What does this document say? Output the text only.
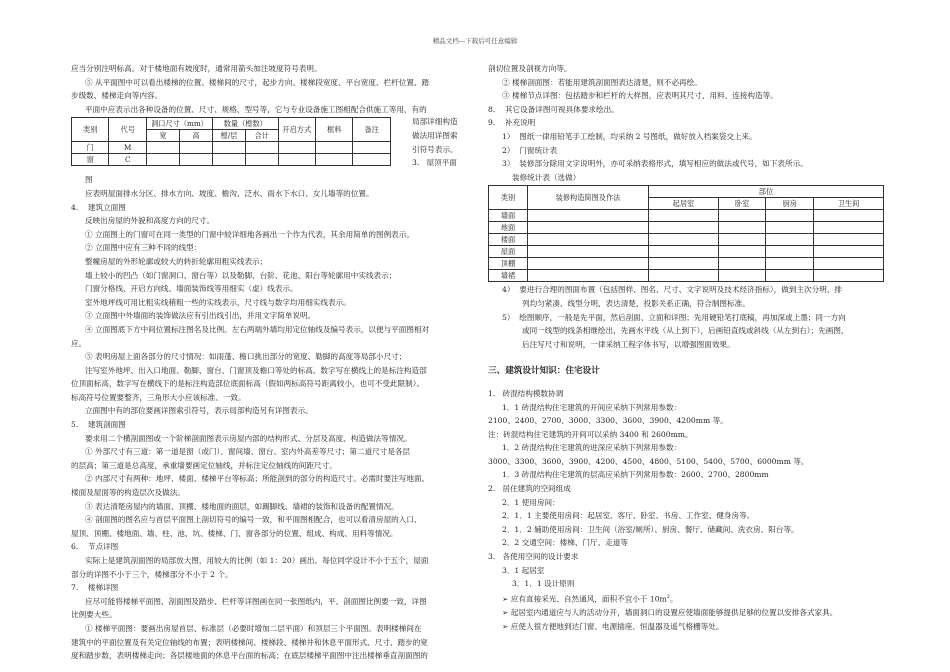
精品文档---下载后可任意编辑

应当分别注明标高。对于楼地面有坡度时，通常用箭头加注坡度符号表明。

⑤ 从平面图中可以看出楼梯的位置、楼梯间的尺寸，起步方向、楼梯段宽度、平台宽度、栏杆位置、踏

步级数、楼梯走向等内容。

平面中应表示出各种设备的位置、尺寸、规格、型号等，它与专业设备施工图相配合供施工等用，有的

类别	代号	洞口尺寸（mm）		数量（樘数）		开启方式	框料	备注
		宽	高	樘/层	合计			
门	M							
窗	C							

局部详细构造

做法用详图索

引符号表示。

3.   屋顶平面

图

应表明屋面排水分区、排水方向、坡度、檐沟、泛水、雨水下水口、女儿墙等的位置。

4.    建筑立面图

反映出房屋的外貌和高度方向的尺寸。

① 立面图上的门窗可在同一类型的门窗中较详细地各画出一个作为代表，其余用简单的图例表示。

② 立面图中应有三种不同的线型：

整幢房屋的外形轮廓或较大的转折轮廓用粗实线表示；

墙上较小的凹凸（如门窗洞口、窗台等）以及勒脚、台阶、花池、阳台等轮廓用中实线表示；

门窗分格线、开启方向线、墙面装饰线等用细实（虚）线表示。

室外地坪线可用比粗实线稍粗一些的实线表示，尺寸线与数字均用细实线表示。

③ 立面图中外墙面的装饰做法应有引出线引出，并用文字简单说明。

④ 立面图底下方中间位置标注图名及比例。左右两端外墙均用定位轴线及编号表示，以便与平面图相对

应。

⑤ 表明房屋上面各部分的尺寸情况：如雨蓬、檐口挑出部分的宽度、勒脚的高度等局部小尺寸；

注写室外地坪、出入口地面、勒脚、窗台、门窗顶及檐口等处的标高。数字写在横线上的是标注构造部

位顶面标高，数字写在横线下的是标注构造部位底面标高（假如两标高符号距离较小，也可不受此限制）。

标高符号位置要整齐，三角形大小应该标准、一致。

立面图中有的部位要画详图索引符号，表示局部构造另有详图表示。

5.    建筑剖面图

要求用二个横剖面图或一个阶梯剖面图表示房屋内部的结构形式、分层及高度、构造做法等情况。

① 外部尺寸有三道：第一道是窗（或门）、窗间墙、窗台、室内外高差等尺寸；第二道尺寸是各层

的层高；第三道是总高度，承重墙要画定位轴线，并标注定位轴线的间距尺寸。

② 内部尺寸有两种：地坪、楼面、楼梯平台等标高；所能剖到的部分的构造尺寸。必需时要注写地面、

楼面及屋面等的构造层次及做法。

③ 表达清楚房屋内的墙面、顶棚、楼地面的面层，如踢脚线、墙裙的装饰和设备的配置情况。

④ 剖面图的图名应与首层平面图上剖切符号的编号一致，和平面图相配合，也可以看清房屋的入口、

屋顶、顶棚、楼地面、墙、柱、池、坑、楼梯、门、窗各部分的位置、组成、构成、用料等情况。

6.    节点详图

实际上是建筑剖面图的局部放大图，用较大的比例（如 1：20）画出。每位同学设计不小于五个，屋面

部分的详图不小于三个，楼梯部分不小于 2 个。

7.    楼梯详图

应尽可能将楼梯平面图、剖面图及踏步、栏杆等详图画在同一张图纸内，平、剖面图比例要一致，详图

比例要大些。

① 楼梯平面图：要画出房屋首层、标准层（必要时增加二层平面）和顶层三个平面图。表明楼梯间在

建筑中的平面位置及有关定位轴线的布置；表明楼梯间、楼梯段、楼梯井和休息平面形式、尺寸、踏步的宽

度和踏步数，表明楼梯走向；各层楼地面的休息平台面的标高；在底层楼梯平面图中注出楼梯垂直剖面图的

剖切位置及剖视方向等。

② 楼梯剖面图：若能用建筑剖面图表达清楚，则不必再绘。

③ 楼梯节点详图：包括踏步和栏杆的大样图，应表明其尺寸、用料、连接构造等。

8.    其它设备详图可视具体要求绘出。

9.    补充说明

1）  图纸一律用铅笔手工绘制，均采纳 2 号图纸，做好放入档案袋交上来。

2）  门窗统计表

3）  装修部分除用文字说明外，亦可采纳表格形式，填写相应的做法或代号，如下表所示。

装修统计表（选做）

类别	装修构造简图及作法	部位			
		起居室	卧室	厨房	卫生间
墙面					
地面					
楼面					
屋面					
顶棚					
墙裙					

4）  要进行合理的图面布置（包括图样、图名、尺寸、文字说明及技术经济指标），做到主次分明、排

列均匀紧凑、线型分明、表达清楚、投影关系正确，符合制图标准。

5）  绘图顺序，一般是先平面，然后剖面、立面和详图；先用硬铅笔打底稿，再加深或上墨；同一方向

或同一线型的线条相继绘出，先画水平线（从上到下），后画铅直线或斜线（从左到右）；先画图，

后注写尺寸和说明，一律采纳工程字体书写，以增强图面效果。

三、建筑设计知识：住宅设计

1.   砖混结构模数协调

1．1 砖混结构住宅建筑的开间应采纳下列常用参数：

2100、2400、2700、3000、3300、3600、3900、4200mm 等。

注：砖混结构住宅建筑的开间可以采纳 3400 和 2600mm。

1．2 砖混结构住宅建筑的进深应采纳下列常用参数：

3000、3300、3600、3900、4200、4500、4800、5100、5400、5700、6000mm 等。

1．3 砖混结构住宅建筑的层高应采纳下列常用参数：2600、2700、2800mm

2.   居住建筑的空间组成

2．1 使用房间：

2．1．1 主要使用房间：起居室、客厅、卧室、书房、工作室、健身房等。

2．1．2 辅助使用房间：卫生间（浴室/厕所）、厨房、餐厅、储藏间、洗衣房、阳台等。

2．2 交通空间：楼梯、门厅、走道等

3.   各使用空间的设计要求

3．1 起居室

3．1．1 设计原则

➢ 应有直接采光、自然通风，面积不宜小于 $10m^2$。

➢ 起居室内通道应与人的活动分开，墙面洞口的设置应使墙面能够提供足够的位置以安排各式家具。

➢ 应使人很方便地到达门窗、电源插座、恒温器及遥气格栅等处。
